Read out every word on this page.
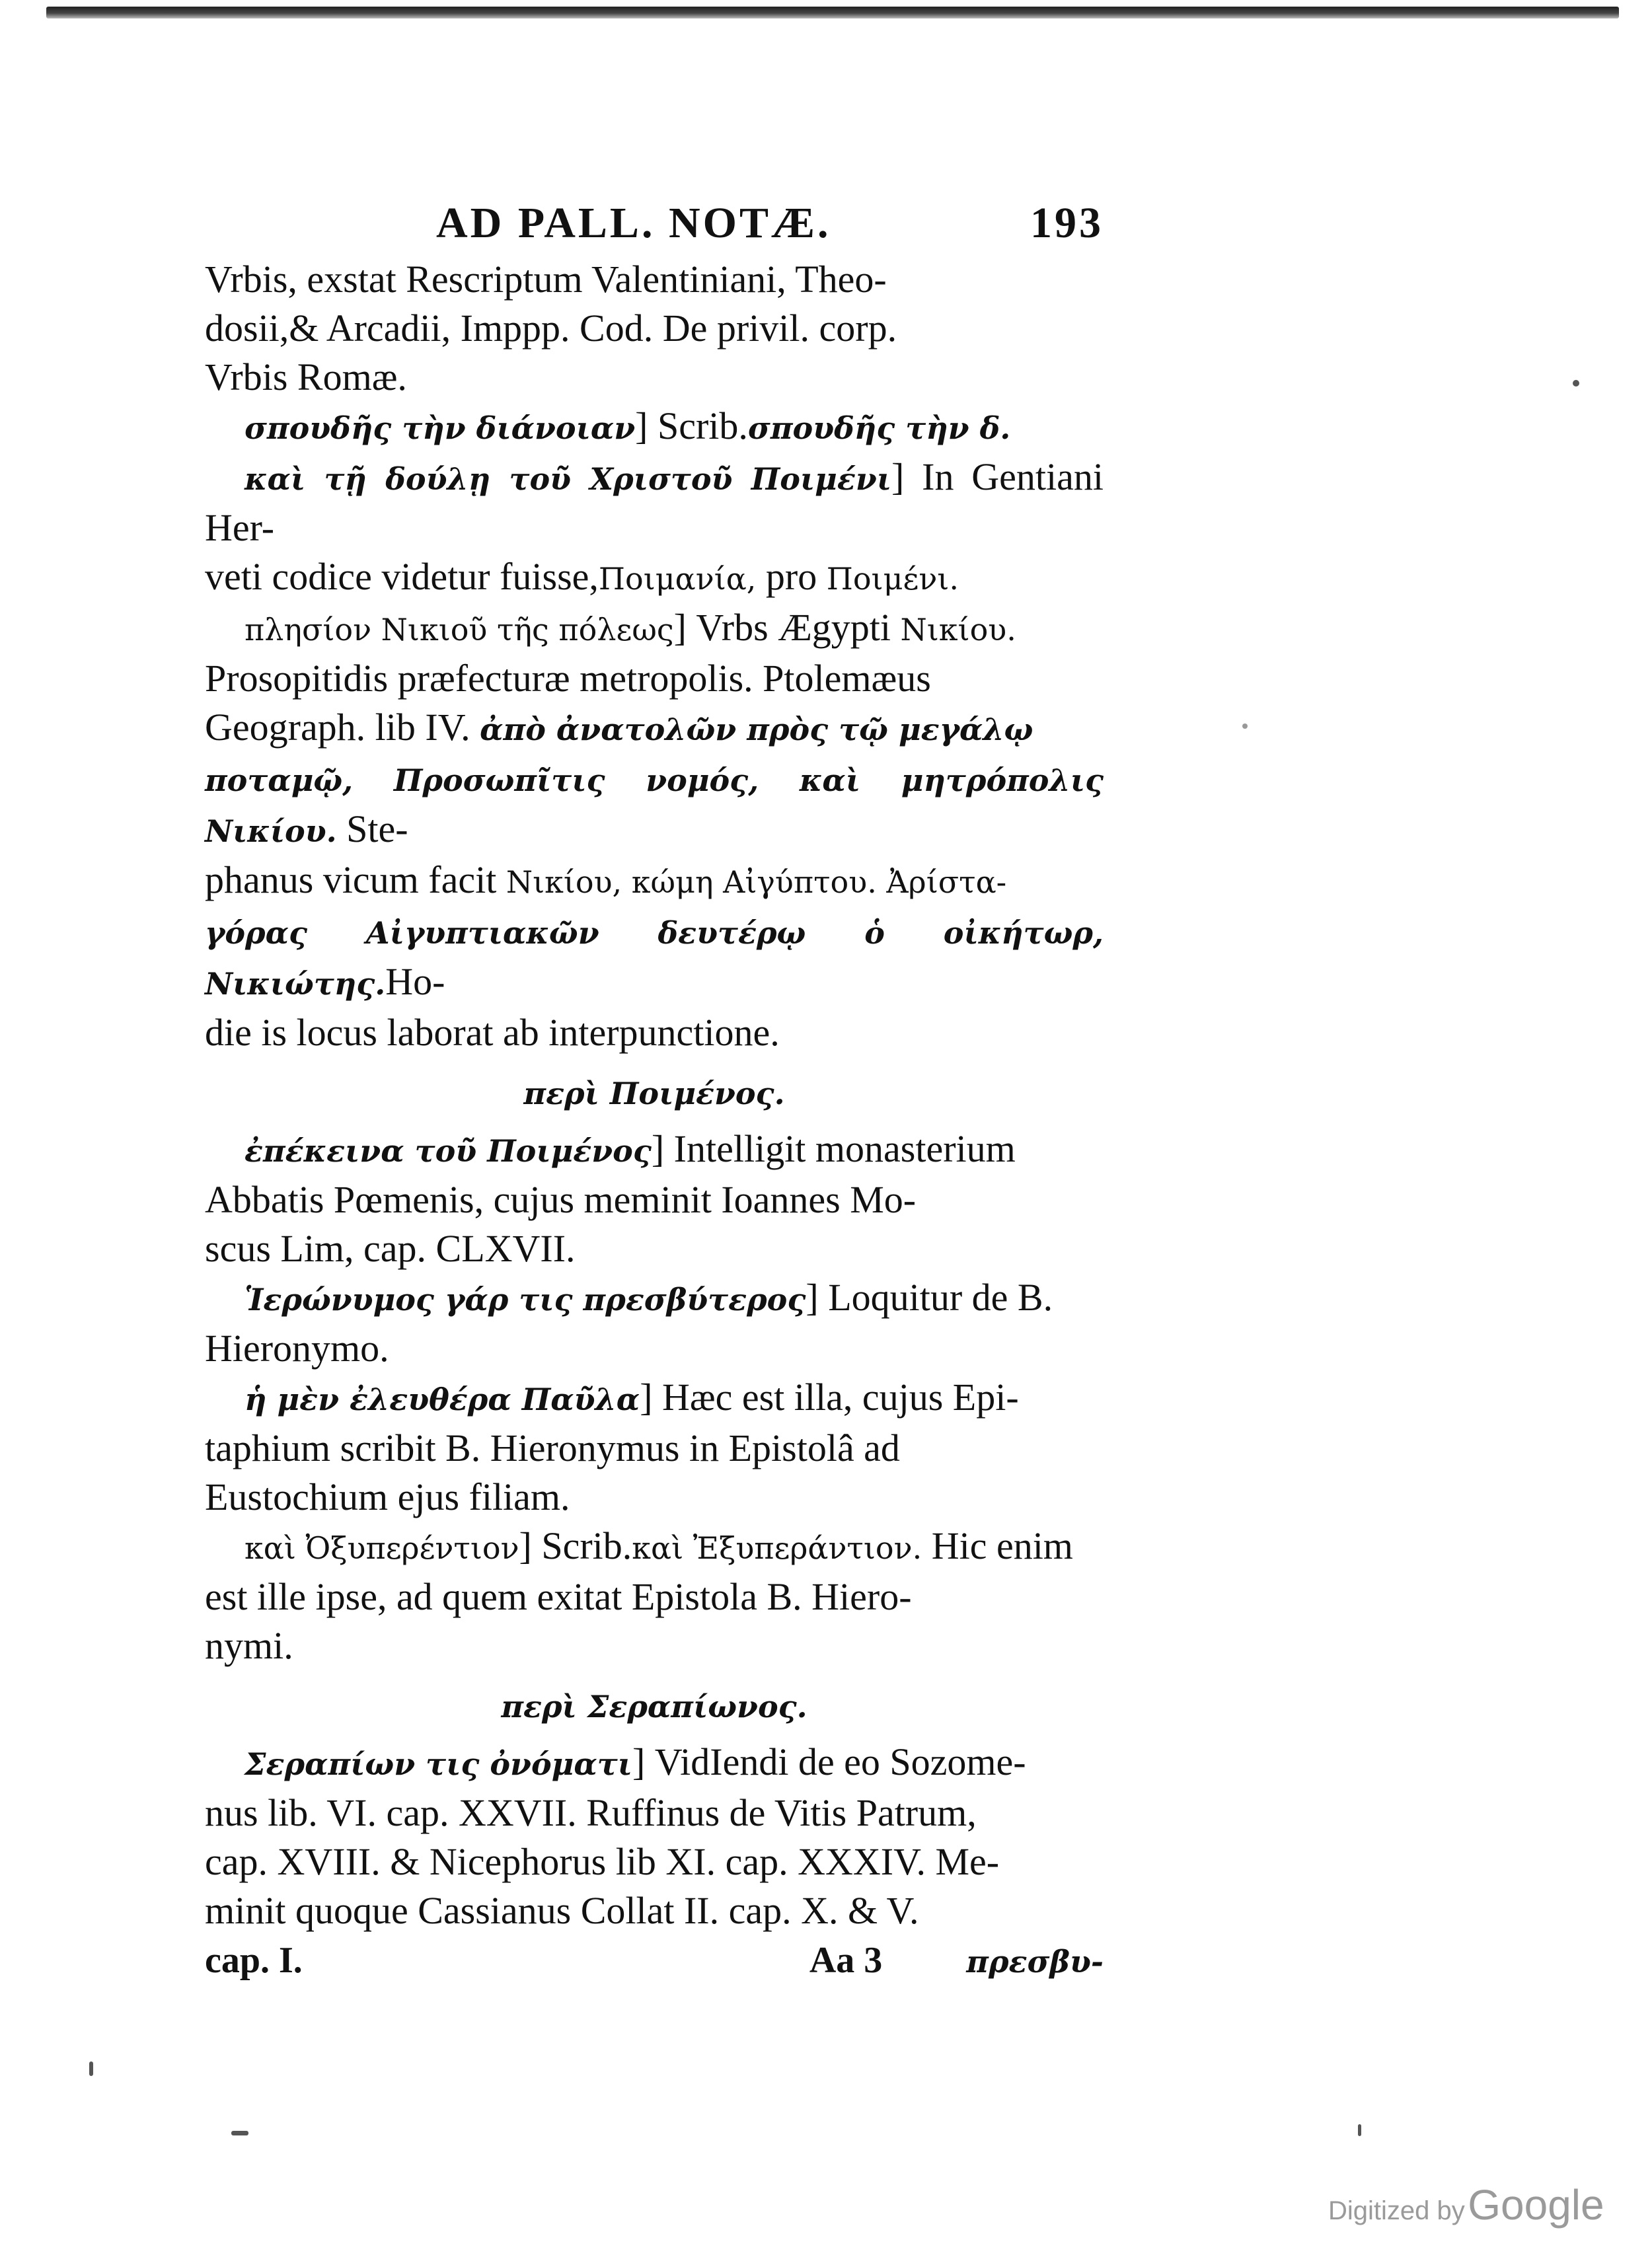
AD PALL. NOTÆ.	193

Vrbis, exstat Rescriptum Valentiniani, Theo-

dosii,& Arcadii, Imppp. Cod. De privil. corp.

Vrbis Romæ.

σπουδῆς τὴν διάνοιαν] Scrib.σπουδῆς τὴν δ.

καὶ τῇ δούλῃ τοῦ Χριστοῦ Ποιμένι] In Gentiani Her-

veti codice videtur fuisse,Ποιμανία, pro Ποιμένι.

πλησίον Νικιοῦ τῆς πόλεως] Vrbs Ægypti Νικίου.

Prosopitidis præfecturæ metropolis. Ptolemæus

Geograph. lib IV. ἀπὸ ἀνατολῶν πρὸς τῷ μεγάλῳ

ποταμῷ, Προσωπῖτις νομός, καὶ μητρόπολις Νικίου. Ste-

phanus vicum facit Νικίου, κώμη Αἰγύπτου. Ἀρίστα-

γόρας Αἰγυπτιακῶν δευτέρῳ ὁ οἰκήτωρ, Νικιώτης.Ho-

die is locus laborat ab interpunctione.

περὶ Ποιμένος.

ἐπέκεινα τοῦ Ποιμένος] Intelligit monasterium

Abbatis Pœmenis, cujus meminit Ioannes Mo-

scus Lim, cap. CLXVII.

Ἱερώνυμος γάρ τις πρεσβύτερος] Loquitur de B.

Hieronymo.

ἡ μὲν ἐλευθέρα Παῦλα] Hæc est illa, cujus Epi-

taphium scribit B. Hieronymus in Epistolâ ad

Eustochium ejus filiam.

καὶ Ὀξυπερέντιον] Scrib.καὶ Ἐξυπεράντιον. Hic enim

est ille ipse, ad quem exitat Epistola B. Hiero-

nymi.

περὶ Σεραπίωνος.

Σεραπίων τις ὀνόματι] VidIendi de eo Sozome-

nus lib. VI. cap. XXVII. Ruffinus de Vitis Patrum,

cap. XVIII. & Nicephorus lib XI. cap. XXXIV. Me-

minit quoque Cassianus Collat II. cap. X. & V.

cap. I.	Aa 3	πρεσβυ-
Digitized by Google
